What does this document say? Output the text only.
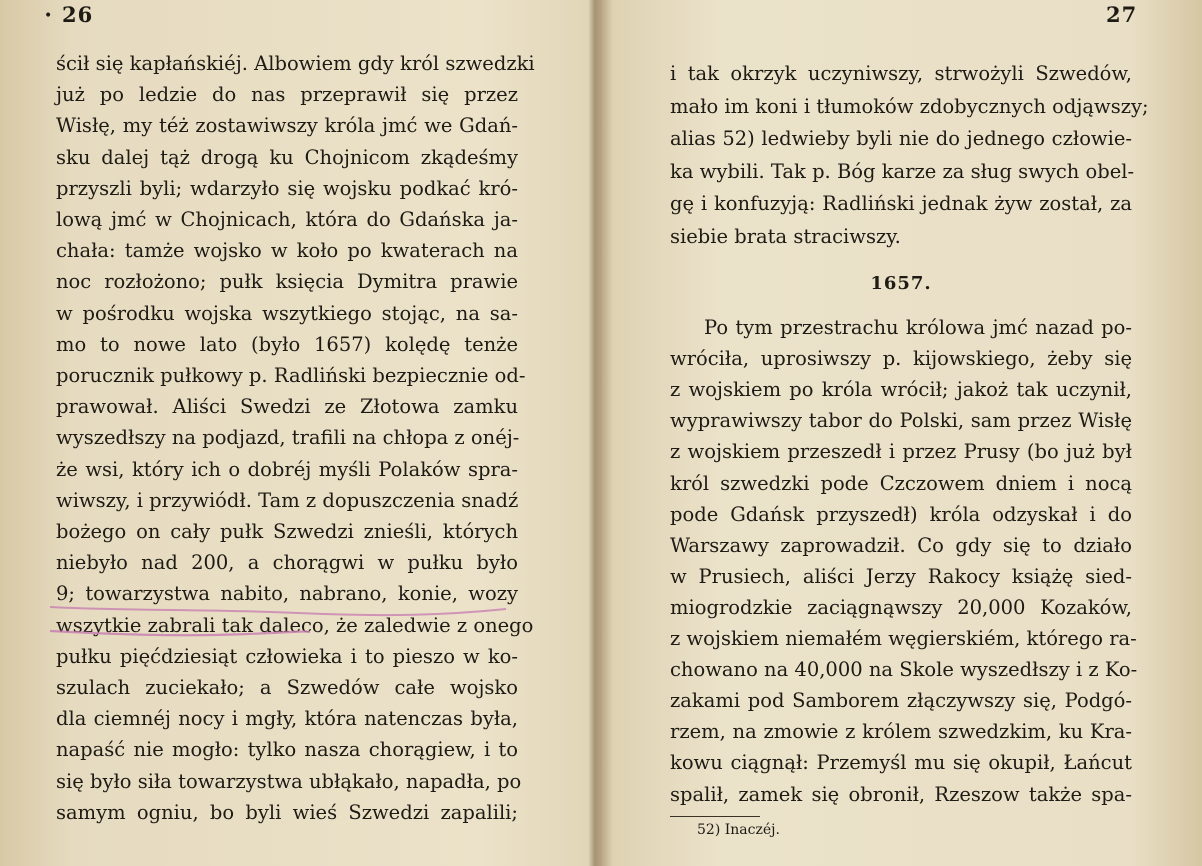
• 26
ścił się kapłańskiéj. Albowiem gdy król szwedzki
już po ledzie do nas przeprawił się przez
Wisłę, my téż zostawiwszy króla jmć we Gdań-
sku dalej tąż drogą ku Chojnicom zkądeśmy
przyszli byli; wdarzyło się wojsku podkać kró-
lową jmć w Chojnicach, która do Gdańska ja-
chała: tamże wojsko w koło po kwaterach na
noc rozłożono; pułk księcia Dymitra prawie
w pośrodku wojska wszytkiego stojąc, na sa-
mo to nowe lato (było 1657) kolędę tenże
porucznik pułkowy p. Radliński bezpiecznie od-
prawował. Aliści Swedzi ze Złotowa zamku
wyszedłszy na podjazd, trafili na chłopa z onéj-
że wsi, który ich o dobréj myśli Polaków spra-
wiwszy, i przywiódł. Tam z dopuszczenia snadź
bożego on cały pułk Szwedzi znieśli, których
niebyło nad 200, a chorągwi w pułku było
9; towarzystwa nabito, nabrano, konie, wozy
wszytkie zabrali tak daleco, że zaledwie z onego
pułku pięćdziesiąt człowieka i to pieszo w ko-
szulach zuciekało; a Szwedów całe wojsko
dla ciemnéj nocy i mgły, która natenczas była,
napaść nie mogło: tylko nasza chorągiew, i to
się było siła towarzystwa ubłąkało, napadła, po
samym ogniu, bo byli wieś Szwedzi zapalili;
27
i tak okrzyk uczyniwszy, strwożyli Szwedów,
mało im koni i tłumoków zdobycznych odjąwszy;
alias 52) ledwieby byli nie do jednego człowie-
ka wybili. Tak p. Bóg karze za sług swych obel-
gę i konfuzyją: Radliński jednak żyw został, za
siebie brata straciwszy.
1657.
Po tym przestrachu królowa jmć nazad po-
wróciła, uprosiwszy p. kijowskiego, żeby się
z wojskiem po króla wrócił; jakoż tak uczynił,
wyprawiwszy tabor do Polski, sam przez Wisłę
z wojskiem przeszedł i przez Prusy (bo już był
król szwedzki pode Czczowem dniem i nocą
pode Gdańsk przyszedł) króla odzyskał i do
Warszawy zaprowadził. Co gdy się to działo
w Prusiech, aliści Jerzy Rakocy książę sied-
miogrodzkie zaciągnąwszy 20,000 Kozaków,
z wojskiem niemałém węgierskiém, którego ra-
chowano na 40,000 na Skole wyszedłszy i z Ko-
zakami pod Samborem złączywszy się, Podgó-
rzem, na zmowie z królem szwedzkim, ku Kra-
kowu ciągnął: Przemyśl mu się okupił, Łańcut
spalił, zamek się obronił, Rzeszow także spa-
52) Inaczéj.
